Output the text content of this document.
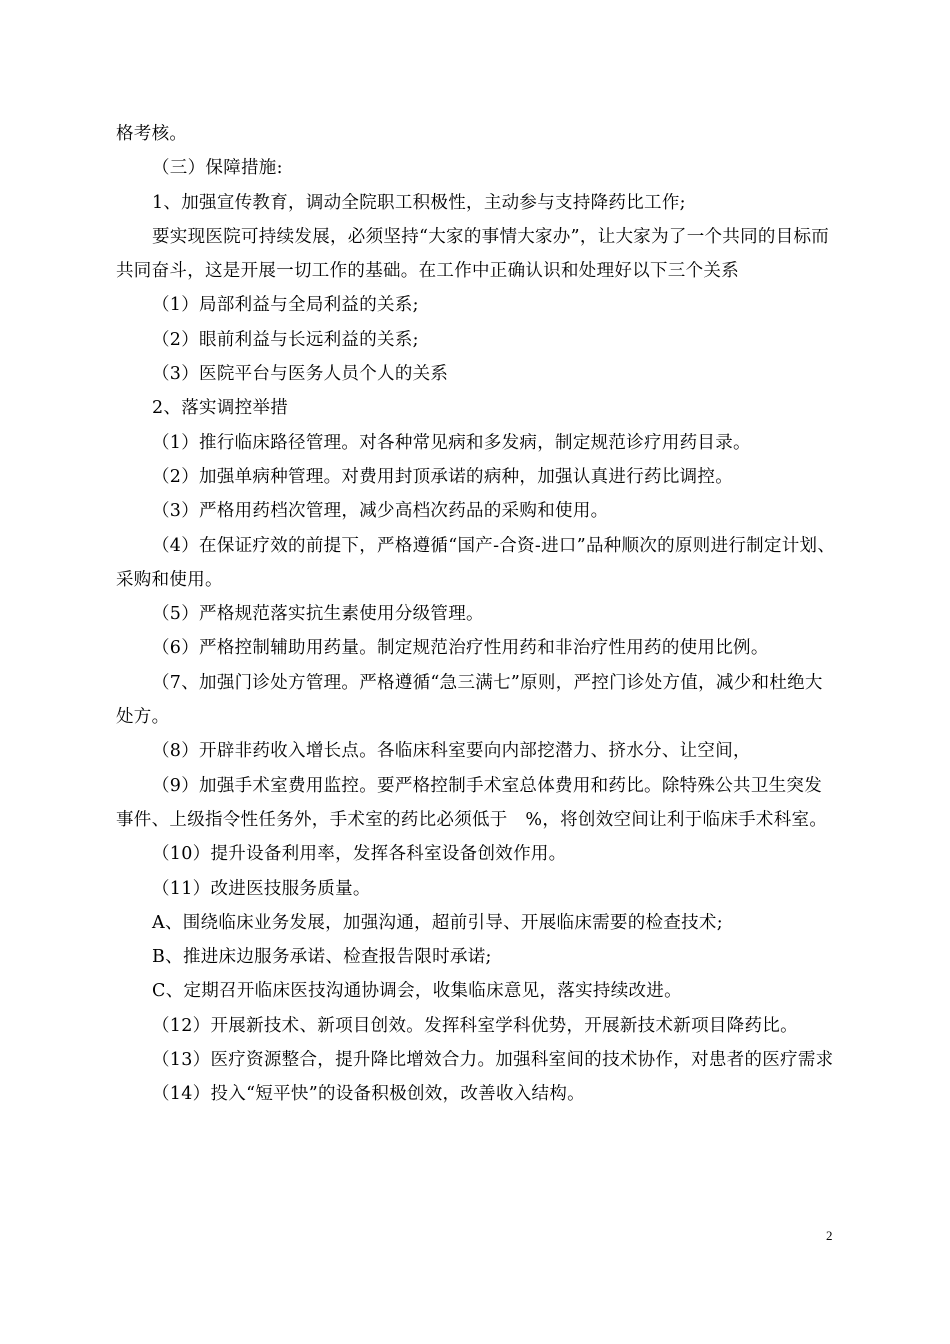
格考核。

（三）保障措施:

1、加强宣传教育，调动全院职工积极性，主动参与支持降药比工作;

要实现医院可持续发展，必须坚持“大家的事情大家办”，让大家为了一个共同的目标而共同奋斗，这是开展一切工作的基础。在工作中正确认识和处理好以下三个关系

（1）局部利益与全局利益的关系;

（2）眼前利益与长远利益的关系;

（3）医院平台与医务人员个人的关系

2、落实调控举措

（1）推行临床路径管理。对各种常见病和多发病，制定规范诊疗用药目录。

（2）加强单病种管理。对费用封顶承诺的病种，加强认真进行药比调控。

（3）严格用药档次管理，减少高档次药品的采购和使用。

（4）在保证疗效的前提下，严格遵循“国产-合资-进口”品种顺次的原则进行制定计划、采购和使用。

（5）严格规范落实抗生素使用分级管理。

（6）严格控制辅助用药量。制定规范治疗性用药和非治疗性用药的使用比例。

（7、加强门诊处方管理。严格遵循“急三满七”原则，严控门诊处方值，减少和杜绝大处方。

（8）开辟非药收入增长点。各临床科室要向内部挖潜力、挤水分、让空间，

（9）加强手术室费用监控。要严格控制手术室总体费用和药比。除特殊公共卫生突发事件、上级指令性任务外，手术室的药比必须低于　%，将创效空间让利于临床手术科室。

（10）提升设备利用率，发挥各科室设备创效作用。

（11）改进医技服务质量。

A、围绕临床业务发展，加强沟通，超前引导、开展临床需要的检查技术;

B、推进床边服务承诺、检查报告限时承诺;

C、定期召开临床医技沟通协调会，收集临床意见，落实持续改进。

（12）开展新技术、新项目创效。发挥科室学科优势，开展新技术新项目降药比。

（13）医疗资源整合，提升降比增效合力。加强科室间的技术协作，对患者的医疗需求

（14）投入“短平快”的设备积极创效，改善收入结构。

2
